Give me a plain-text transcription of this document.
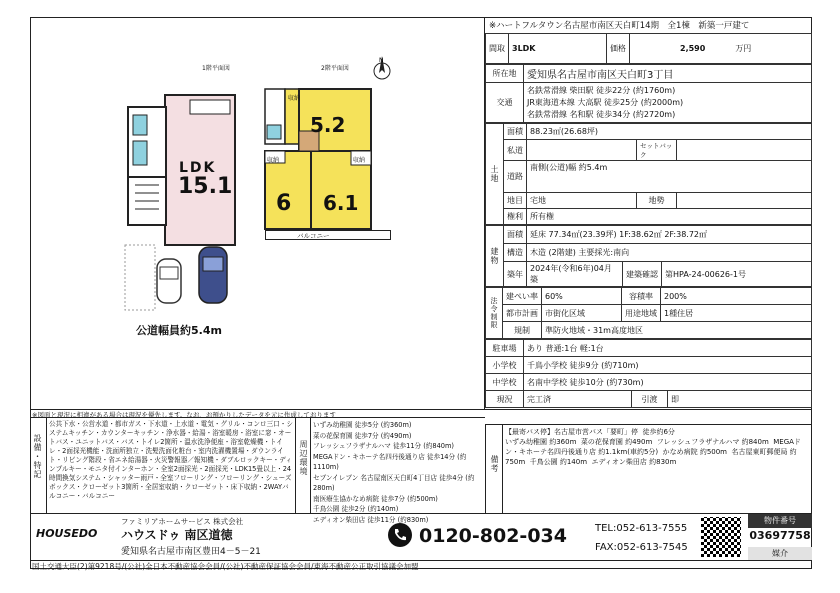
※ハートフルタウン名古屋市南区天白町14期　全1棟　新築一戸建て
1階平面図	2階平面図
N
LDK
15.1
5.2
6 6.1
収納
収納	収納
バルコニー
公道幅員約5.4m
間取	3LDK	価格	2,590	万円
所在地	愛知県名古屋市南区天白町3丁目
交通	名鉄常滑線 柴田駅 徒歩22分 (約1760m)
JR東海道本線 大高駅 徒歩25分 (約2000m)
名鉄常滑線 名和駅 徒歩34分 (約2720m)
土地	面積	88.23㎡(26.68坪)		
	私道		セットバック	
	道路	南側(公道)幅 約5.4m		
	地目	宅地	地勢	
	権利	所有権		
建物	面積	延床 77.34㎡(23.39坪) 1F:38.62㎡ 2F:38.72㎡		
	構造	木造 (2階建) 主要採光:南向		
	築年	2024年(令和6年)04月築	建築確認	第HPA-24-00626-1号
法令制限	建ぺい率	60%	容積率	200%
	都市計画	市街化区域	用途地域	1種住居
	規制	準防火地域・31m高度地区		
駐車場	あり 普通:1台 軽:1台		
小学校	千鳥小学校 徒歩9分 (約710m)		
中学校	名南中学校 徒歩10分 (約730m)		
現況	完工済	引渡	即
※図面と現況に相違がある場合は現況を優先します。なお、お預かりしたデータを元に作成しております
設備・特記
公共下水・公営水道・都市ガス・下水道・上水道・電気・グリル・コンロ三口・システムキッチン・カウンターキッチン・浄水器・給湯・浴室暖房・浴室に窓・オートバス・ユニットバス・バス・トイレ2箇所・温水洗浄便座・浴室乾燥機・トイレ・2面採光機能・洗面所独立・洗髪洗面化粧台・室内洗濯機置場・ダウンライト・リビング階段・省エネ給湯器・火災警報器／報知機・ダブルロックキー・ディンプルキー・モニタ付インターホン・全室2面採光・2面採光・LDK15畳以上・24時間換気システム・シャッター雨戸・全室フローリング・フローリング・シューズボックス・クローゼット3箇所・全居室収納・クローゼット・床下収納・2WAYバルコニー・バルコニー
周辺環境
いずみ幼稚園 徒歩5分 (約360m)
菜の花保育園 徒歩7分 (約490m)
フレッシュフラザナルハマ 徒歩11分 (約840m)
MEGAドン・キホーテ名四丹後通り店 徒歩14分 (約1110m)
セブンイレブン 名古屋南区天白町4丁目店 徒歩4分 (約280m)
南医療生協かなめ病院 徒歩7分 (約500m)
千鳥公園 徒歩2分 (約140m)
エディオン柴田店 徒歩11分 (約830m)
備考
【最寄バス停】名古屋市営バス「要町」停  徒歩約6分
いずみ幼稚園 約360m  菜の花保育園 約490m  フレッシュフラザナルハマ 約840m  MEGAドン・キホーテ名四丹後通り店 約1.1km(車約5分)  かなめ病院 約500m  名古屋東町郵便局 約750m  千鳥公園 約140m  エディオン柴田店 約830m
HOUSEDO
ファミリアホームサービス 株式会社
ハウスドゥ 南区道徳
愛知県名古屋市南区豊田4－5－21
0120-802-034	TEL:052-613-7555
FAX:052-613-7545
物件番号
03697758
媒介
国土交通大臣(2)第9218号/(公社)全日本不動産協会会員/(公社)不動産保証協会会員/東海不動産公正取引協議会加盟
